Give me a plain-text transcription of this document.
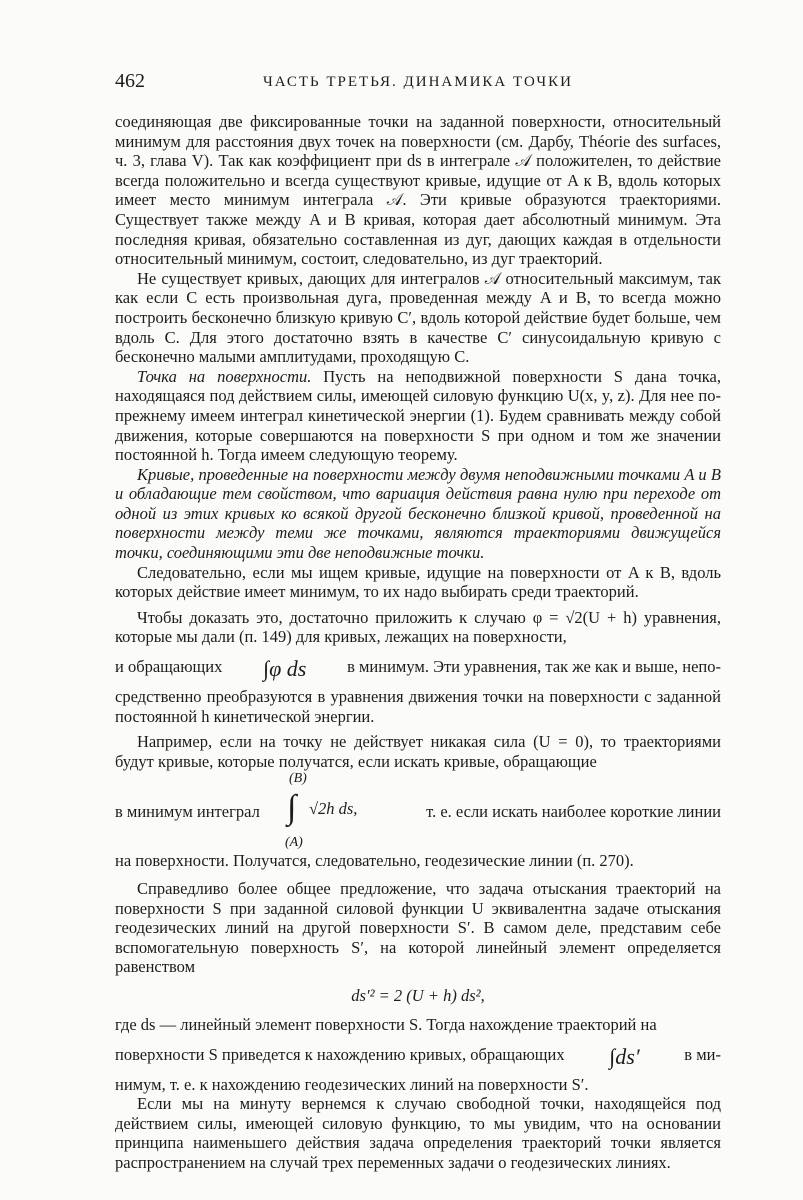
462	ЧАСТЬ ТРЕТЬЯ. ДИНАМИКА ТОЧКИ

соединяющая две фиксированные точки на заданной поверхности, относительный минимум для расстояния двух точек на поверхности (см. Дарбу, Théorie des surfaces, ч. 3, глава V). Так как коэффициент при ds в интеграле 𝒜 положителен, то действие всегда положительно и всегда существуют кривые, идущие от A к B, вдоль которых имеет место минимум интеграла 𝒜. Эти кривые образуются траекториями. Существует также между A и B кривая, которая дает абсолютный минимум. Эта последняя кривая, обязательно составленная из дуг, дающих каждая в отдельности относительный минимум, состоит, следовательно, из дуг траекторий.

Не существует кривых, дающих для интегралов 𝒜 относительный максимум, так как если C есть произвольная дуга, проведенная между A и B, то всегда можно построить бесконечно близкую кривую C′, вдоль которой действие будет больше, чем вдоль C. Для этого достаточно взять в качестве C′ синусоидальную кривую с бесконечно малыми амплитудами, проходящую C.

Точка на поверхности. Пусть на неподвижной поверхности S дана точка, находящаяся под действием силы, имеющей силовую функцию U(x, y, z). Для нее по-прежнему имеем интеграл кинетической энергии (1). Будем сравнивать между собой движения, которые совершаются на поверхности S при одном и том же значении постоянной h. Тогда имеем следующую теорему.

Кривые, проведенные на поверхности между двумя неподвижными точками A и B и обладающие тем свойством, что вариация действия равна нулю при переходе от одной из этих кривых ко всякой другой бесконечно близкой кривой, проведенной на поверхности между теми же точками, являются траекториями движущейся точки, соединяющими эти две неподвижные точки.

Следовательно, если мы ищем кривые, идущие на поверхности от A к B, вдоль которых действие имеет минимум, то их надо выбирать среди траекторий.

Чтобы доказать это, достаточно приложить к случаю φ = √2(U + h) уравнения, которые мы дали (п. 149) для кривых, лежащих на поверхности,

и обращающих ∫φ ds в минимум. Эти уравнения, так же как и выше, непо-

средственно преобразуются в уравнения движения точки на поверхности с заданной постоянной h кинетической энергии.

Например, если на точку не действует никакая сила (U = 0), то траекториями будут кривые, которые получатся, если искать кривые, обращающие

в минимум интеграл
(B)
∫ √2h ds,
(A)
т. е. если искать наиболее короткие линии

на поверхности. Получатся, следовательно, геодезические линии (п. 270).

Справедливо более общее предложение, что задача отыскания траекторий на поверхности S при заданной силовой функции U эквивалентна задаче отыскания геодезических линий на другой поверхности S′. В самом деле, представим себе вспомогательную поверхность S′, на которой линейный элемент определяется равенством

ds′² = 2 (U + h) ds²,

где ds — линейный элемент поверхности S. Тогда нахождение траекторий на

поверхности S приведется к нахождению кривых, обращающих ∫ds′	в ми-

нимум, т. е. к нахождению геодезических линий на поверхности S′.

Если мы на минуту вернемся к случаю свободной точки, находящейся под действием силы, имеющей силовую функцию, то мы увидим, что на основании принципа наименьшего действия задача определения траекторий точки является распространением на случай трех переменных задачи о геодезических линиях.
